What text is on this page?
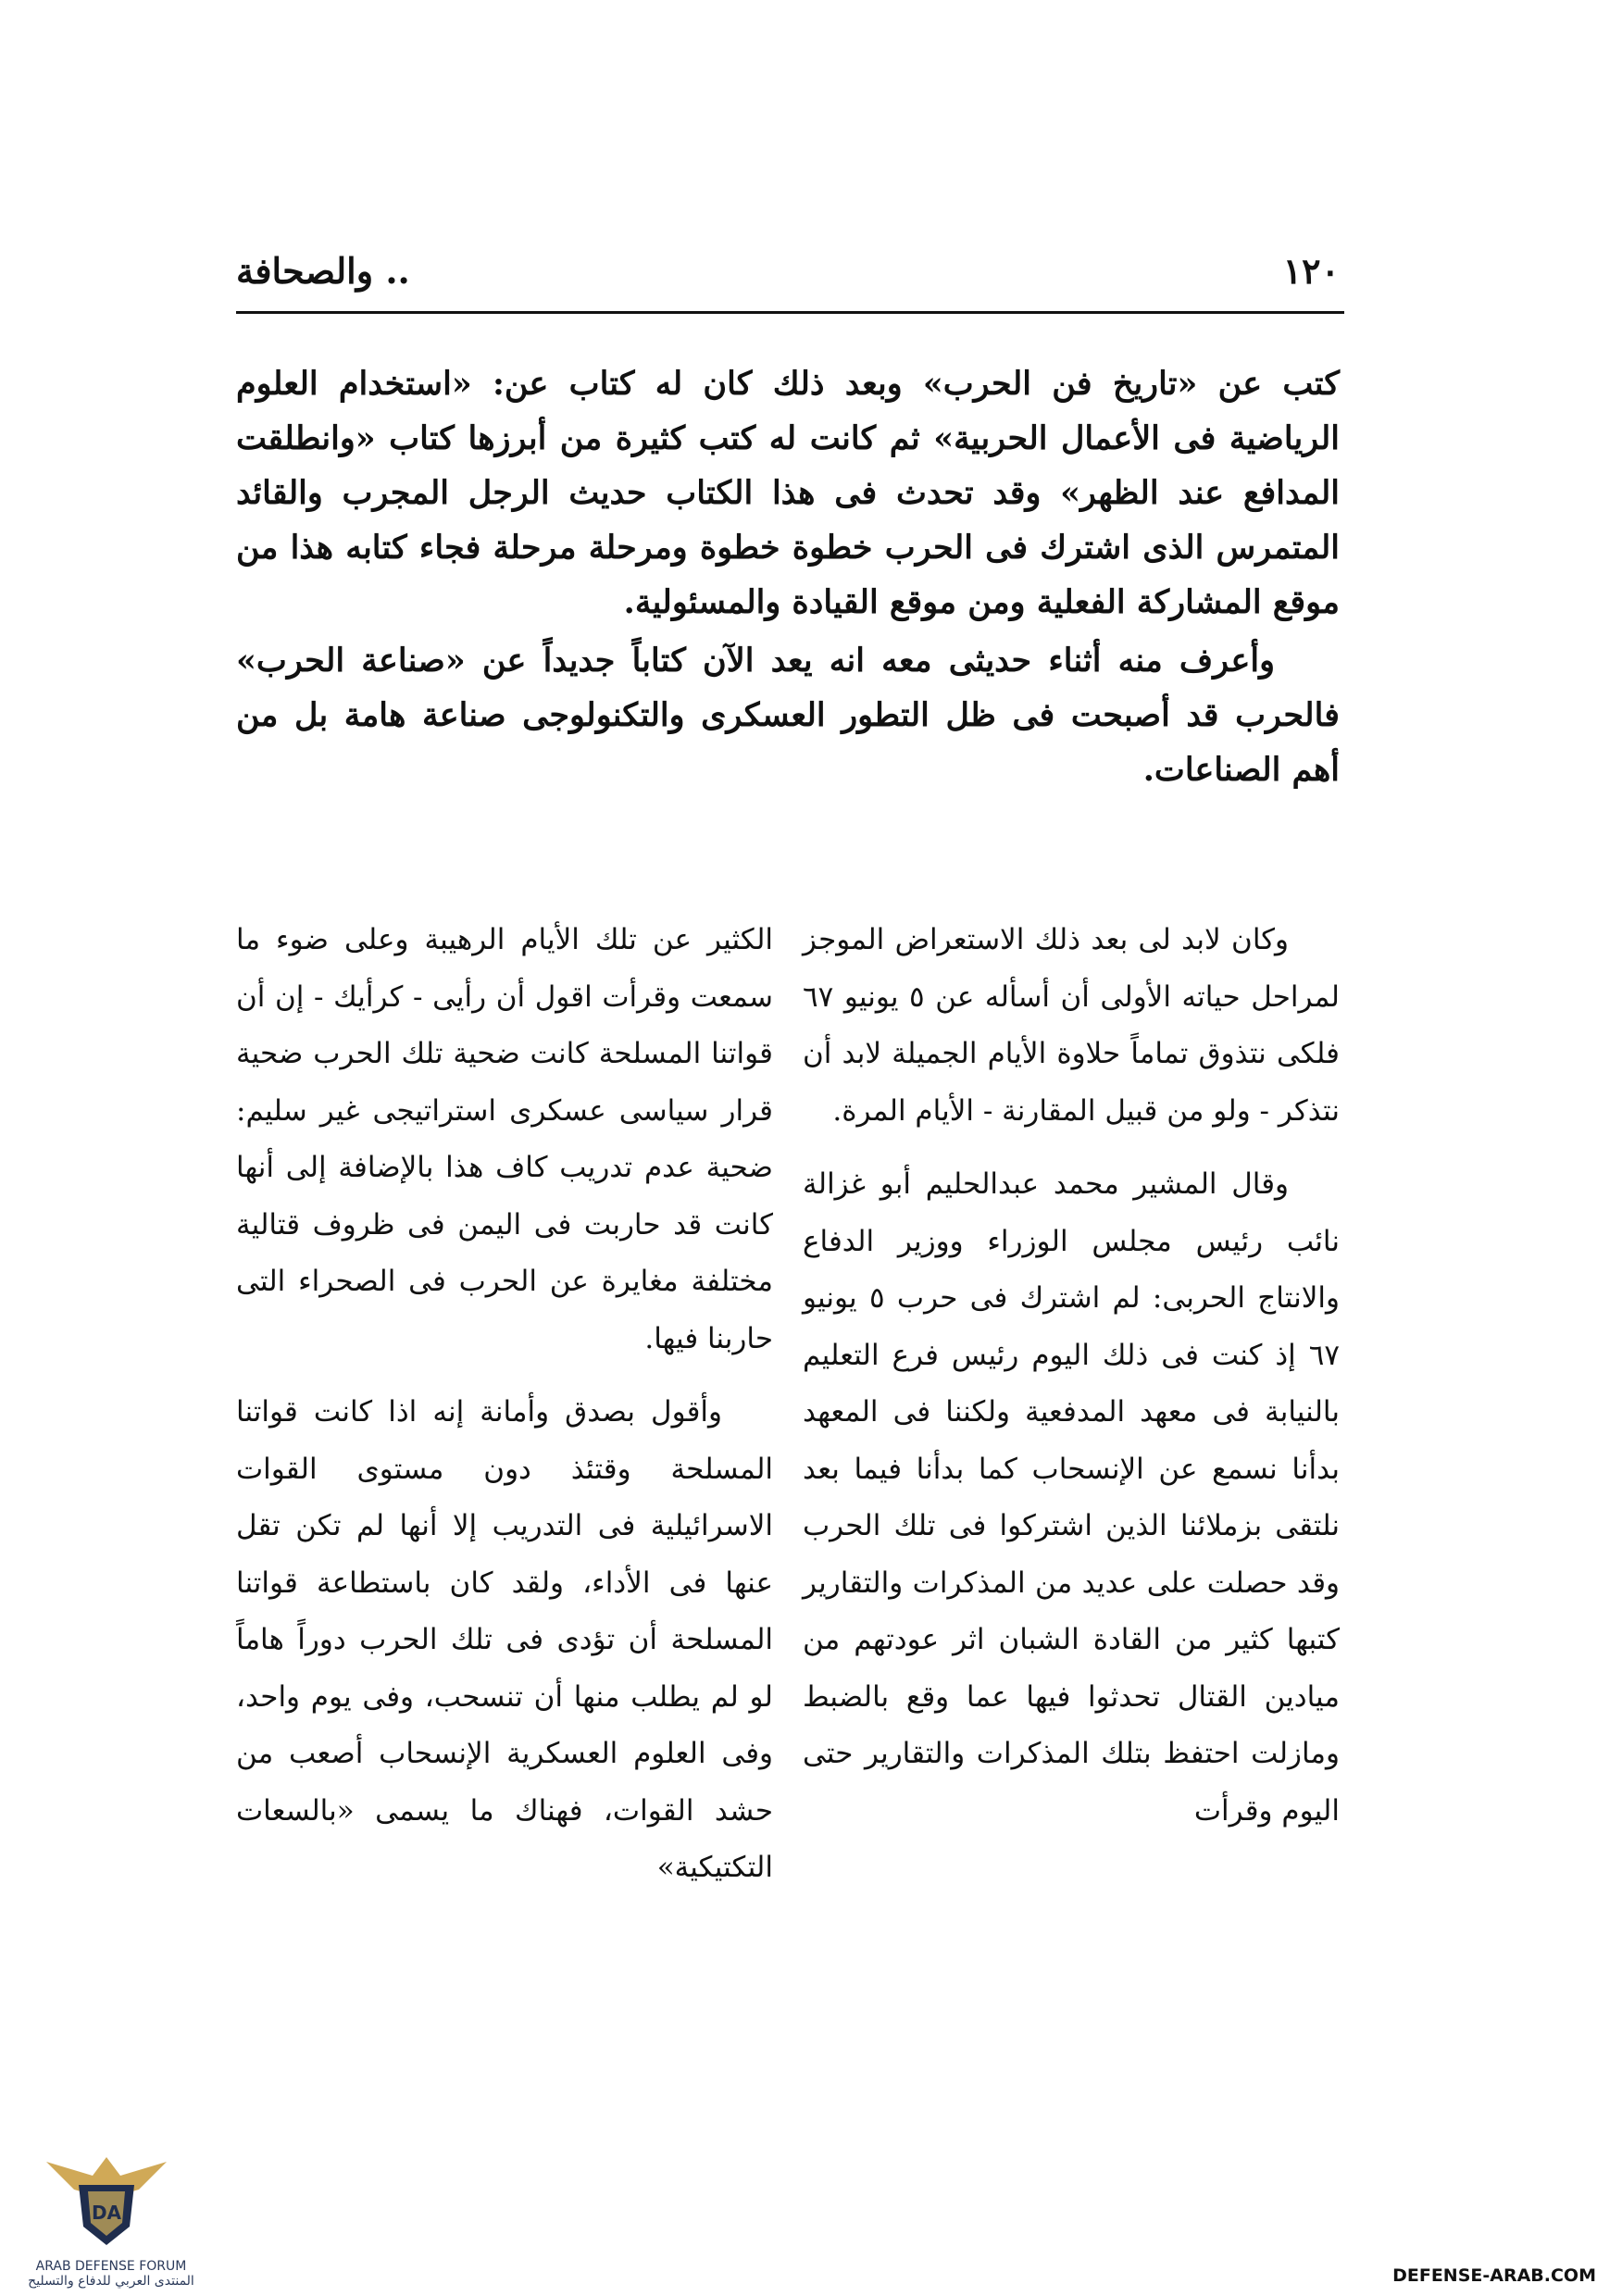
١٢٠
.. والصحافة

كتب عن «تاريخ فن الحرب» وبعد ذلك كان له كتاب عن: «استخدام العلوم الرياضية فى الأعمال الحربية» ثم كانت له كتب كثيرة من أبرزها كتاب «وانطلقت المدافع عند الظهر» وقد تحدث فى هذا الكتاب حديث الرجل المجرب والقائد المتمرس الذى اشترك فى الحرب خطوة خطوة ومرحلة مرحلة فجاء كتابه هذا من موقع المشاركة الفعلية ومن موقع القيادة والمسئولية.

وأعرف منه أثناء حديثى معه انه يعد الآن كتاباً جديداً عن «صناعة الحرب» فالحرب قد أصبحت فى ظل التطور العسكرى والتكنولوجى صناعة هامة بل من أهم الصناعات.

وكان لابد لى بعد ذلك الاستعراض الموجز لمراحل حياته الأولى أن أسأله عن ٥ يونيو ٦٧ فلكى نتذوق تماماً حلاوة الأيام الجميلة لابد أن نتذكر - ولو من قبيل المقارنة - الأيام المرة.

وقال المشير محمد عبدالحليم أبو غزالة نائب رئيس مجلس الوزراء ووزير الدفاع والانتاج الحربى: لم اشترك فى حرب ٥ يونيو ٦٧ إذ كنت فى ذلك اليوم رئيس فرع التعليم بالنيابة فى معهد المدفعية ولكننا فى المعهد بدأنا نسمع عن الإنسحاب كما بدأنا فيما بعد نلتقى بزملائنا الذين اشتركوا فى تلك الحرب وقد حصلت على عديد من المذكرات والتقارير كتبها كثير من القادة الشبان اثر عودتهم من ميادين القتال تحدثوا فيها عما وقع بالضبط ومازلت احتفظ بتلك المذكرات والتقارير حتى اليوم وقرأت

الكثير عن تلك الأيام الرهيبة وعلى ضوء ما سمعت وقرأت اقول أن رأيى - كرأيك - إن أن قواتنا المسلحة كانت ضحية تلك الحرب ضحية قرار سياسى عسكرى استراتيجى غير سليم: ضحية عدم تدريب كاف هذا بالإضافة إلى أنها كانت قد حاربت فى اليمن فى ظروف قتالية مختلفة مغايرة عن الحرب فى الصحراء التى حاربنا فيها.

وأقول بصدق وأمانة إنه اذا كانت قواتنا المسلحة وقتئذ دون مستوى القوات الاسرائيلية فى التدريب إلا أنها لم تكن تقل عنها فى الأداء، ولقد كان باستطاعة قواتنا المسلحة أن تؤدى فى تلك الحرب دوراً هاماً لو لم يطلب منها أن تنسحب، وفى يوم واحد، وفى العلوم العسكرية الإنسحاب أصعب من حشد القوات، فهناك ما يسمى «بالسعات التكتيكية»

DA
ARAB DEFENSE FORUM
المنتدى العربي للدفاع والتسليح	DEFENSE-ARAB.COM
